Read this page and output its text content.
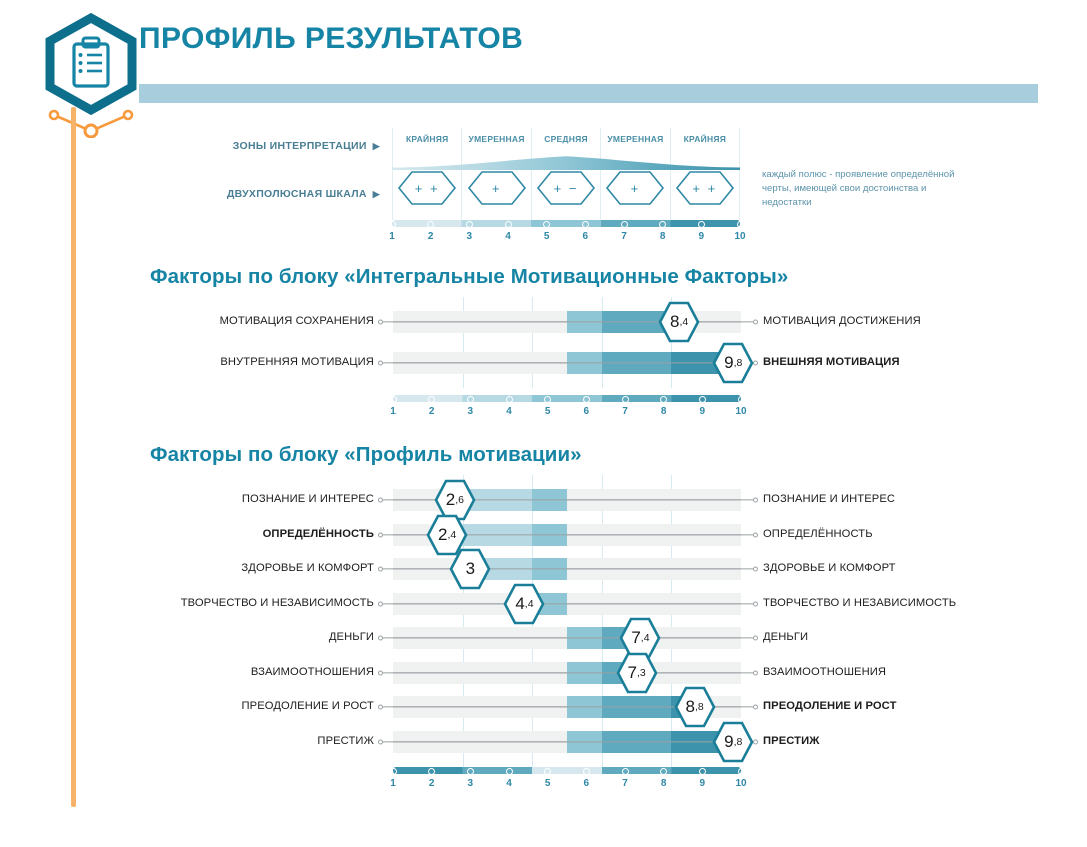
ПРОФИЛЬ РЕЗУЛЬТАТОВ
ЗОНЫ ИНТЕРПРЕТАЦИИ ▶
ДВУХПОЛЮСНАЯ ШКАЛА ▶
КРАЙНЯЯ
+ +
УМЕРЕННАЯ
+
СРЕДНЯЯ
+ −
УМЕРЕННАЯ
+
КРАЙНЯЯ
+ +
1	2	3	4	5	6	7	8	9	10
каждый полюс - проявление определённой черты, имеющей свои достоинства и недостатки
Факторы по блоку «Интегральные Мотивационные Факторы»
МОТИВАЦИЯ СОХРАНЕНИЯ	8 ,4	МОТИВАЦИЯ ДОСТИЖЕНИЯ
ВНУТРЕННЯЯ МОТИВАЦИЯ	9 ,8 ВНЕШНЯЯ МОТИВАЦИЯ
1	2	3	4	5	6	7	8	9	10
Факторы по блоку «Профиль мотивации»
ПОЗНАНИЕ И ИНТЕРЕС	2 ,6	ПОЗНАНИЕ И ИНТЕРЕС
ОПРЕДЕЛЁННОСТЬ	2 ,4	ОПРЕДЕЛЁННОСТЬ
ЗДОРОВЬЕ И КОМФОРТ	3	ЗДОРОВЬЕ И КОМФОРТ
ТВОРЧЕСТВО И НЕЗАВИСИМОСТЬ	4 ,4	ТВОРЧЕСТВО И НЕЗАВИСИМОСТЬ
ДЕНЬГИ	7 ,4	ДЕНЬГИ
ВЗАИМООТНОШЕНИЯ	7 ,3	ВЗАИМООТНОШЕНИЯ
ПРЕОДОЛЕНИЕ И РОСТ	8 ,8	ПРЕОДОЛЕНИЕ И РОСТ
ПРЕСТИЖ	9 ,8 ПРЕСТИЖ
1	2	3	4	5	6	7	8	9	10
